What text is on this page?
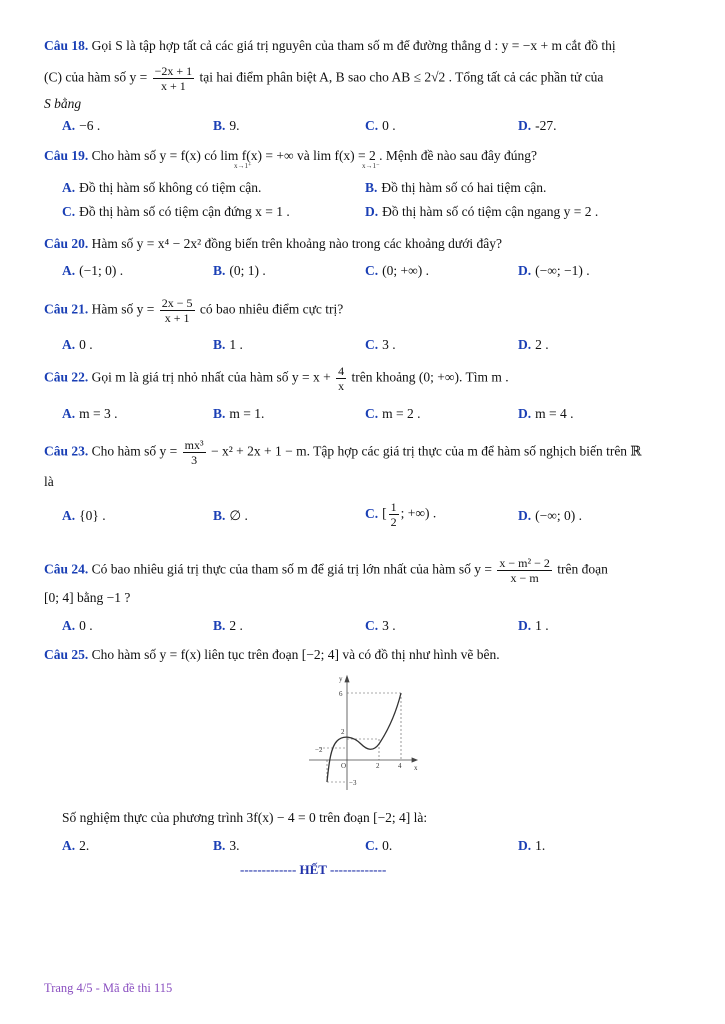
Câu 18. Gọi S là tập hợp tất cả các giá trị nguyên của tham số m để đường thẳng d : y = −x + m cắt đồ thị
(C) của hàm số $y = \frac{-2x + 1}{x + 1}$ tại hai điểm phân biệt A, B sao cho AB ≤ 2√2 . Tổng tất cả các phần tử của
S bằng
A. −6 .	B. 9.	C. 0 .	D. -27.
Câu 19. Cho hàm số y = f(x) có lim f(x) = +∞ và lim f(x) = 2 . Mệnh đề nào sau đây đúng?
x→1⁺	x→1⁻
A. Đồ thị hàm số không có tiệm cận.	B. Đồ thị hàm số có hai tiệm cận.
C. Đồ thị hàm số có tiệm cận đứng x = 1 .	D. Đồ thị hàm số có tiệm cận ngang y = 2 .
Câu 20. Hàm số y = x⁴ − 2x² đồng biến trên khoảng nào trong các khoảng dưới đây?
A. (−1; 0) .	B. (0; 1) .	C. (0; +∞) .	D. (−∞; −1) .
Câu 21. Hàm số $y = \frac{2x - 5}{x + 1}$ có bao nhiêu điểm cực trị?
A. 0 .	B. 1 .	C. 3 .	D. 2 .
Câu 22. Gọi m là giá trị nhỏ nhất của hàm số $y = x + \frac{4}{x}$ trên khoảng (0; +∞). Tìm m .
A. m = 3 .	B. m = 1.	C. m = 2 .	D. m = 4 .
Câu 23. Cho hàm số $y = \frac{\text{mx³}}{3} - x^2 + 2x + 1 - m$. Tập hợp các giá trị thực của m để hàm số nghịch biến trên ℝ
là
A. {0} .	B. ∅ .	C. [ $\frac{1}{2}$ ; +∞) .	D. (−∞; 0) .
Câu 24. Có bao nhiêu giá trị thực của tham số m để giá trị lớn nhất của hàm số $y = \frac{\text{x − m² − 2}}{x - m}$ trên đoạn
[0; 4] bằng −1 ?
A. 0 .	B. 2 .	C. 3 .	D. 1 .
Câu 25. Cho hàm số y = f(x) liên tục trên đoạn [−2; 4] và có đồ thị như hình vẽ bên.
y
x
6
2
−2
2	4
−3
O
Số nghiệm thực của phương trình 3f(x) − 4 = 0 trên đoạn [−2; 4] là:
A. 2.	B. 3.	C. 0.	D. 1.
------------- HẾT -------------
Trang 4/5 - Mã đề thi 115
